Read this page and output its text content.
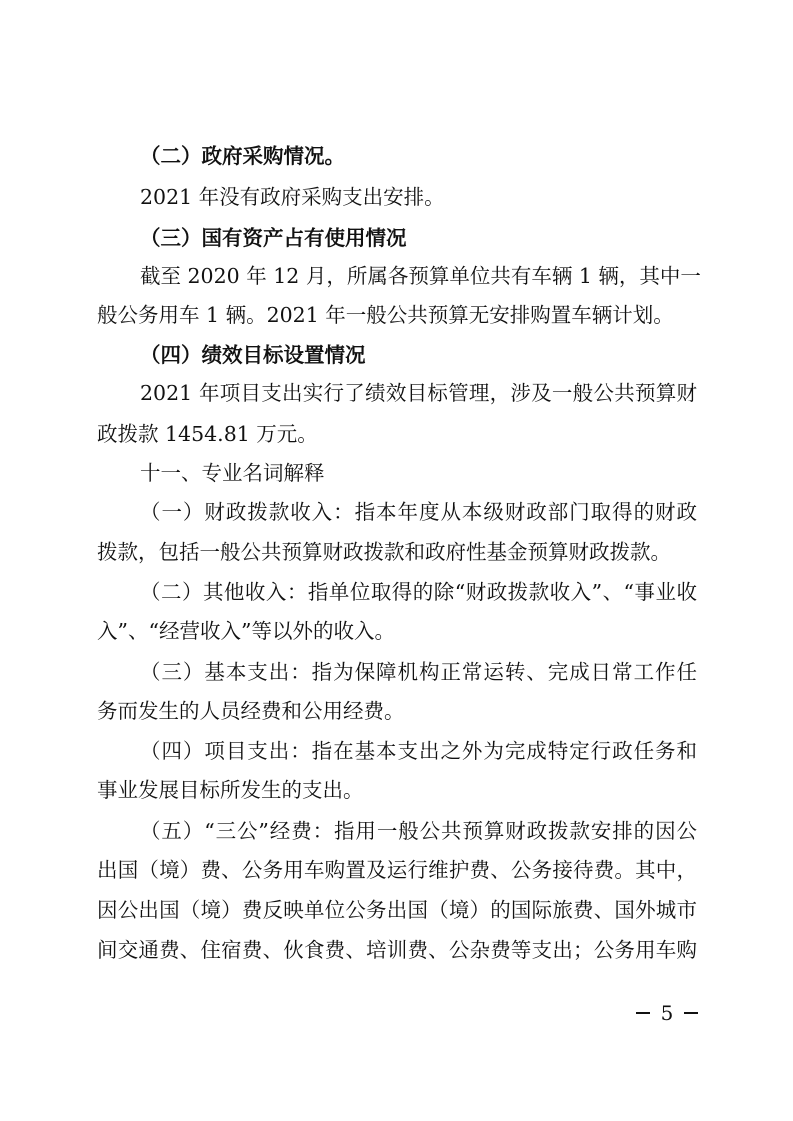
（二）政府采购情况。
2021 年没有政府采购支出安排。
（三）国有资产占有使用情况
截至 2020 年 12 月，所属各预算单位共有车辆 1 辆，其中一
般公务用车 1 辆。2021 年一般公共预算无安排购置车辆计划。
（四）绩效目标设置情况
2021 年项目支出实行了绩效目标管理，涉及一般公共预算财
政拨款 1454.81 万元。
十一、专业名词解释
（一）财政拨款收入：指本年度从本级财政部门取得的财政
拨款，包括一般公共预算财政拨款和政府性基金预算财政拨款。
（二）其他收入：指单位取得的除“财政拨款收入”、“事业收
入”、“经营收入”等以外的收入。
（三）基本支出：指为保障机构正常运转、完成日常工作任
务而发生的人员经费和公用经费。
（四）项目支出：指在基本支出之外为完成特定行政任务和
事业发展目标所发生的支出。
（五）“三公”经费：指用一般公共预算财政拨款安排的因公
出国（境）费、公务用车购置及运行维护费、公务接待费。其中，
因公出国（境）费反映单位公务出国（境）的国际旅费、国外城市
间交通费、住宿费、伙食费、培训费、公杂费等支出；公务用车购
5
